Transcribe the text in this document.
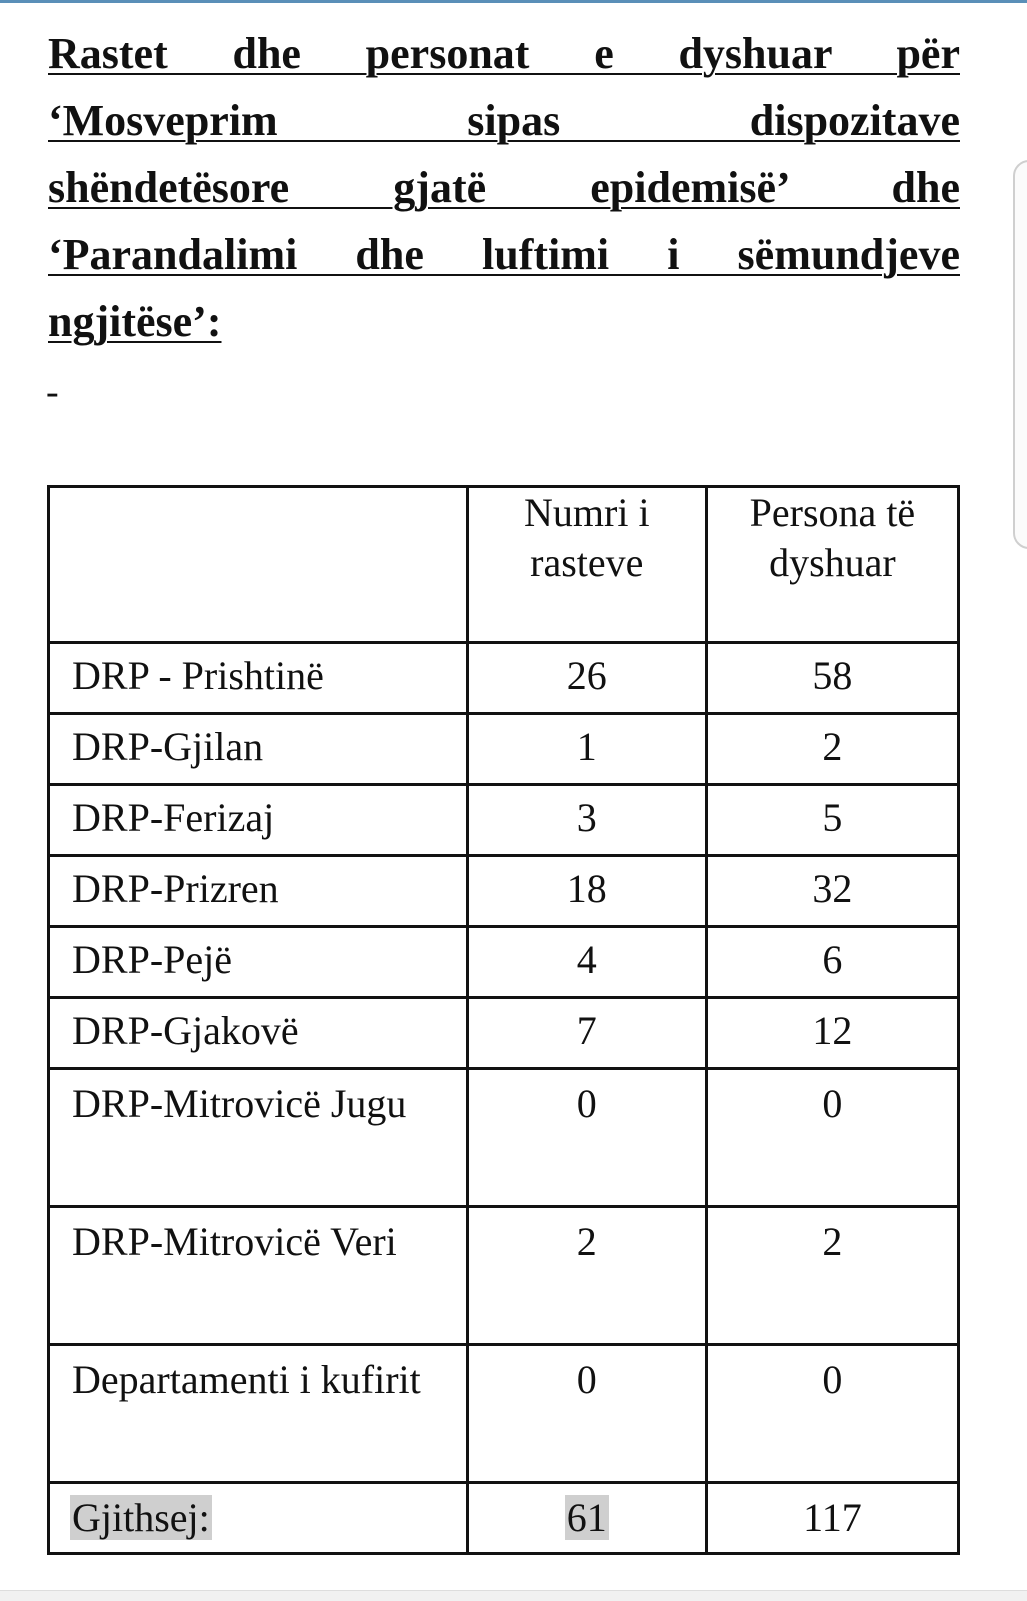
Rastet dhe personat e dyshuar për
‘Mosveprim sipas dispozitave
shëndetësore gjatë epidemisë’ dhe
‘Parandalimi dhe luftimi i sëmundjeve
ngjitëse’:
-
	Numri i rasteve	Persona të dyshuar
DRP - Prishtinë	26	58
DRP-Gjilan	1	2
DRP-Ferizaj	3	5
DRP-Prizren	18	32
DRP-Pejë	4	6
DRP-Gjakovë	7	12
DRP-Mitrovicë Jugu	0	0
DRP-Mitrovicë Veri	2	2
Departamenti i kufirit	0	0
Gjithsej:	61	117
